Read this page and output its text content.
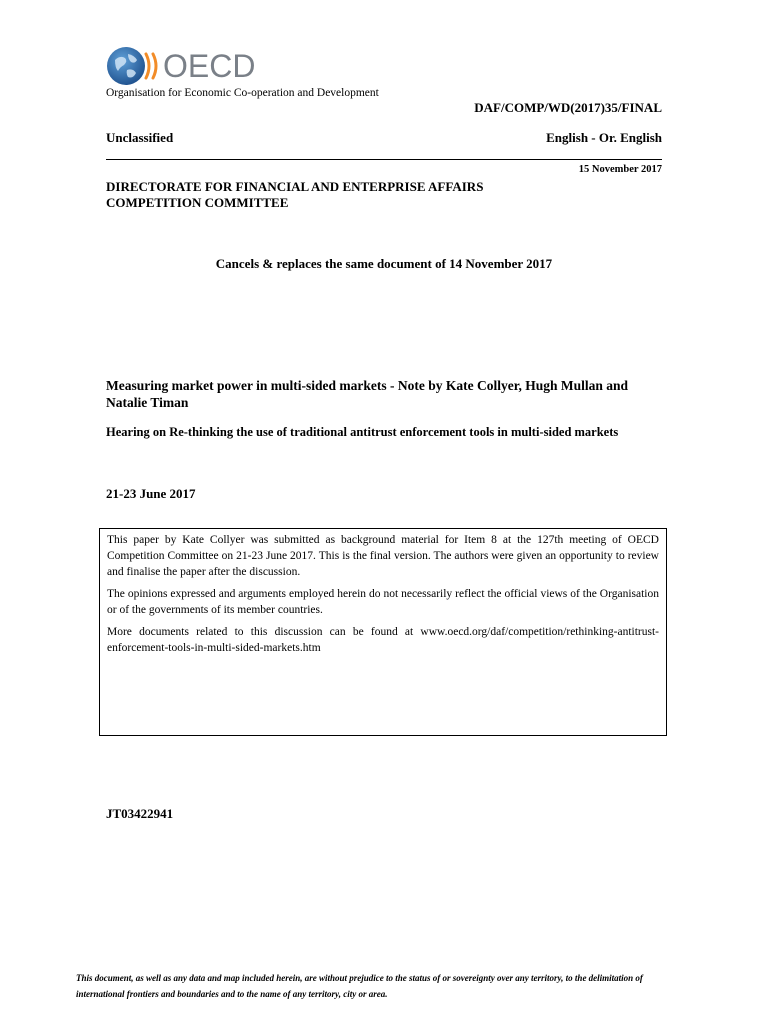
OECD
Organisation for Economic Co-operation and Development
DAF/COMP/WD(2017)35/FINAL
Unclassified	English - Or. English
15 November 2017
DIRECTORATE FOR FINANCIAL AND ENTERPRISE AFFAIRS
COMPETITION COMMITTEE
Cancels & replaces the same document of 14 November 2017
Measuring market power in multi-sided markets - Note by Kate Collyer, Hugh Mullan and Natalie Timan
Hearing on Re-thinking the use of traditional antitrust enforcement tools in multi-sided markets
21-23 June 2017

This paper by Kate Collyer was submitted as background material for Item 8 at the 127th meeting of OECD Competition Committee on 21-23 June 2017. This is the final version. The authors were given an opportunity to review and finalise the paper after the discussion.

The opinions expressed and arguments employed herein do not necessarily reflect the official views of the Organisation or of the governments of its member countries.

More documents related to this discussion can be found at www.oecd.org/daf/competition/rethinking-antitrust-enforcement-tools-in-multi-sided-markets.htm

JT03422941
This document, as well as any data and map included herein, are without prejudice to the status of or sovereignty over any territory, to the delimitation of international frontiers and boundaries and to the name of any territory, city or area.
